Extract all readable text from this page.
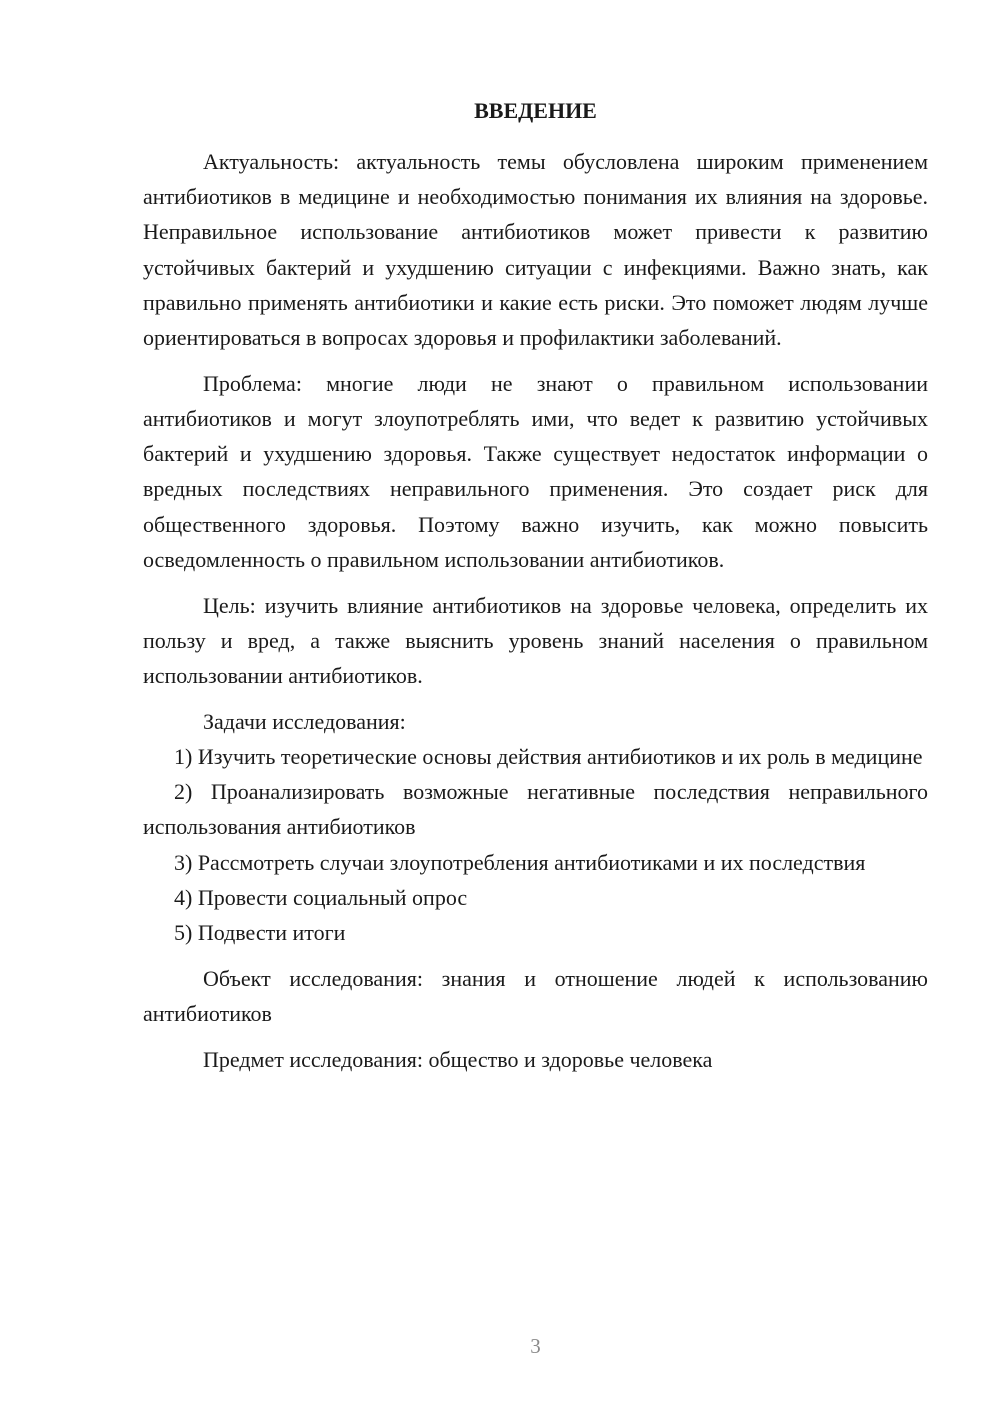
ВВЕДЕНИЕ

Актуальность: актуальность темы обусловлена широким применением антибиотиков в медицине и необходимостью понимания их влияния на здоровье. Неправильное использование антибиотиков может привести к развитию устойчивых бактерий и ухудшению ситуации с инфекциями. Важно знать, как правильно применять антибиотики и какие есть риски. Это поможет людям лучше ориентироваться в вопросах здоровья и профилактики заболеваний.

Проблема: многие люди не знают о правильном использовании антибиотиков и могут злоупотреблять ими, что ведет к развитию устойчивых бактерий и ухудшению здоровья. Также существует недостаток информации о вредных последствиях неправильного применения. Это создает риск для общественного здоровья. Поэтому важно изучить, как можно повысить осведомленность о правильном использовании антибиотиков.

Цель: изучить влияние антибиотиков на здоровье человека, определить их пользу и вред, а также выяснить уровень знаний населения о правильном использовании антибиотиков.

Задачи исследования:

1) Изучить теоретические основы действия антибиотиков и их роль в медицине

2) Проанализировать возможные негативные последствия неправильного использования антибиотиков

3) Рассмотреть случаи злоупотребления антибиотиками и их последствия

4) Провести социальный опрос

5) Подвести итоги

Объект исследования: знания и отношение людей к использованию антибиотиков

Предмет исследования: общество и здоровье человека

3
